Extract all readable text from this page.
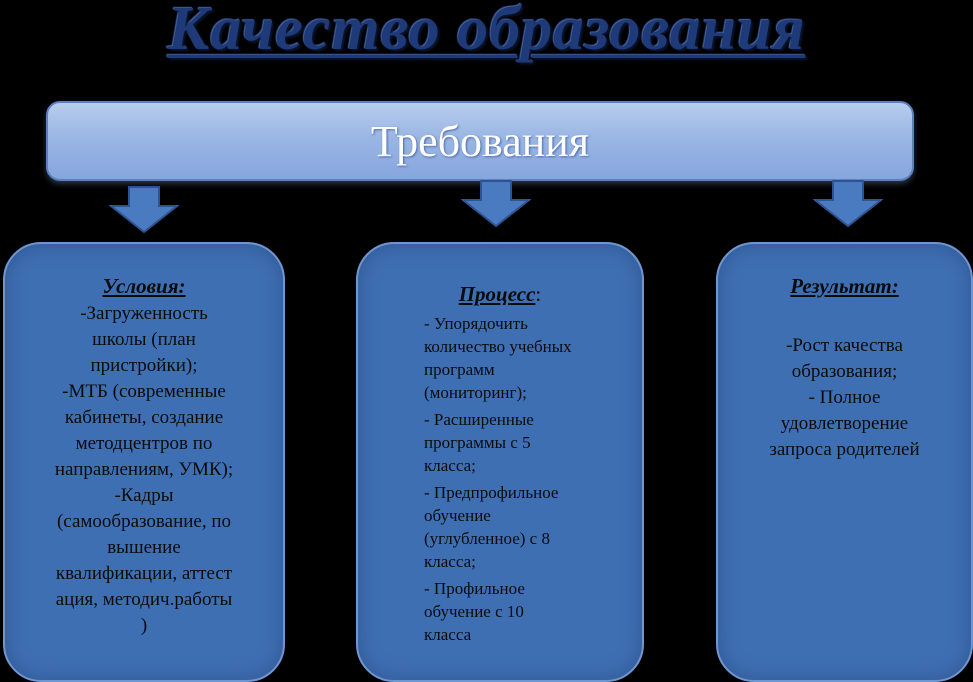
Качество образования
Требования
Условия:
-Загруженность
школы (план
пристройки);
-МТБ (современные
кабинеты, создание
методцентров по
направлениям, УМК);
-Кадры
(самообразование, по
вышение
квалификации, аттест
ация, методич.работы
)
Процесс:
- Упорядочить
количество учебных
программ
(мониторинг);
- Расширенные
программы с 5
класса;
- Предпрофильное
обучение
(углубленное) с 8
класса;
- Профильное
обучение с 10
класса
Результат:
-Рост качества
образования;
- Полное
удовлетворение
запроса родителей
